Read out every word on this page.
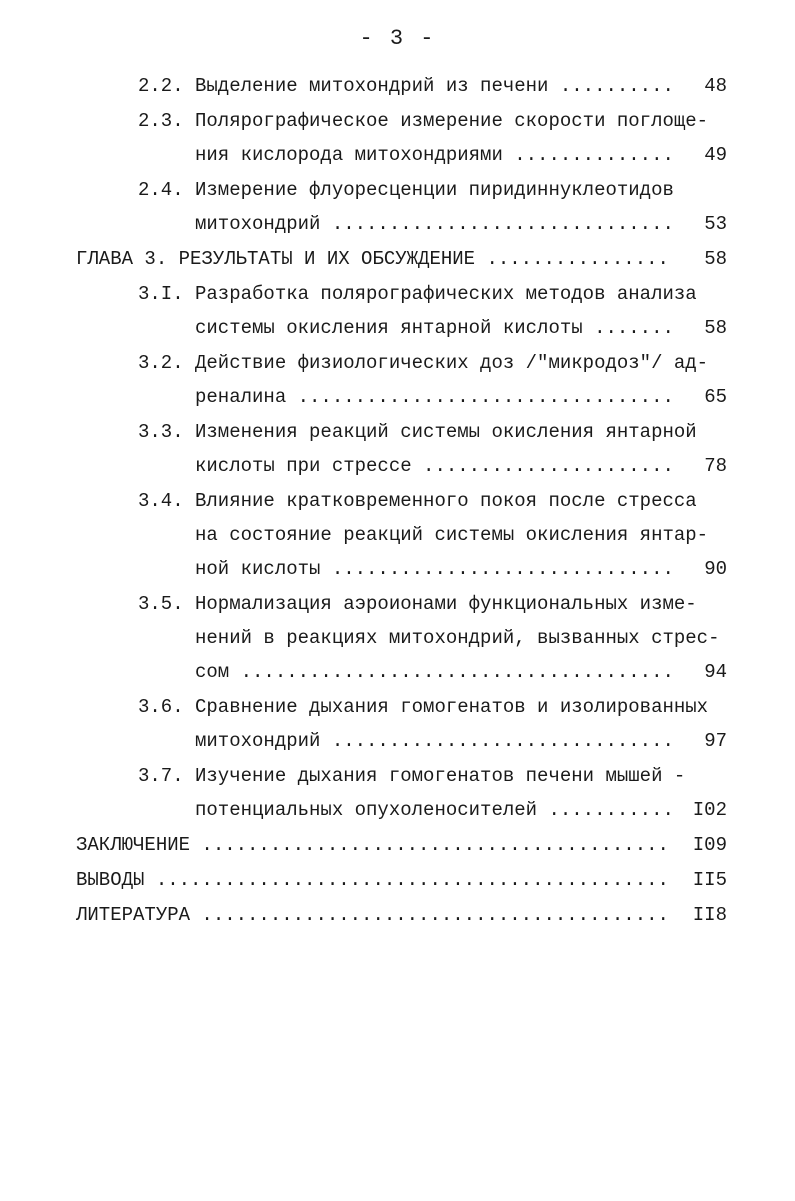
- 3 -
2.2. Выделение митохондрий из печени .......... 48
2.3. Полярографическое измерение скорости поглоще-
ния кислорода митохондриями .............. 49
2.4. Измерение флуоресценции пиридиннуклеотидов
митохондрий .............................. 53
ГЛАВА 3. РЕЗУЛЬТАТЫ И ИХ ОБСУЖДЕНИЕ ................ 58
3.I. Разработка полярографических методов анализа
системы окисления янтарной кислоты ....... 58
3.2. Действие физиологических доз /"микродоз"/ ад-
реналина ................................. 65
3.3. Изменения реакций системы окисления янтарной
кислоты при стрессе ...................... 78
3.4. Влияние кратковременного покоя после стресса
на состояние реакций системы окисления янтар-
ной кислоты .............................. 90
3.5. Нормализация аэроионами функциональных изме-
нений в реакциях митохондрий, вызванных стрес-
сом ...................................... 94
3.6. Сравнение дыхания гомогенатов и изолированных
митохондрий .............................. 97
3.7. Изучение дыхания гомогенатов печени мышей -
потенциальных опухоленосителей ........... I02
ЗАКЛЮЧЕНИЕ ......................................... I09
ВЫВОДЫ ............................................. II5
ЛИТЕРАТУРА ......................................... II8
